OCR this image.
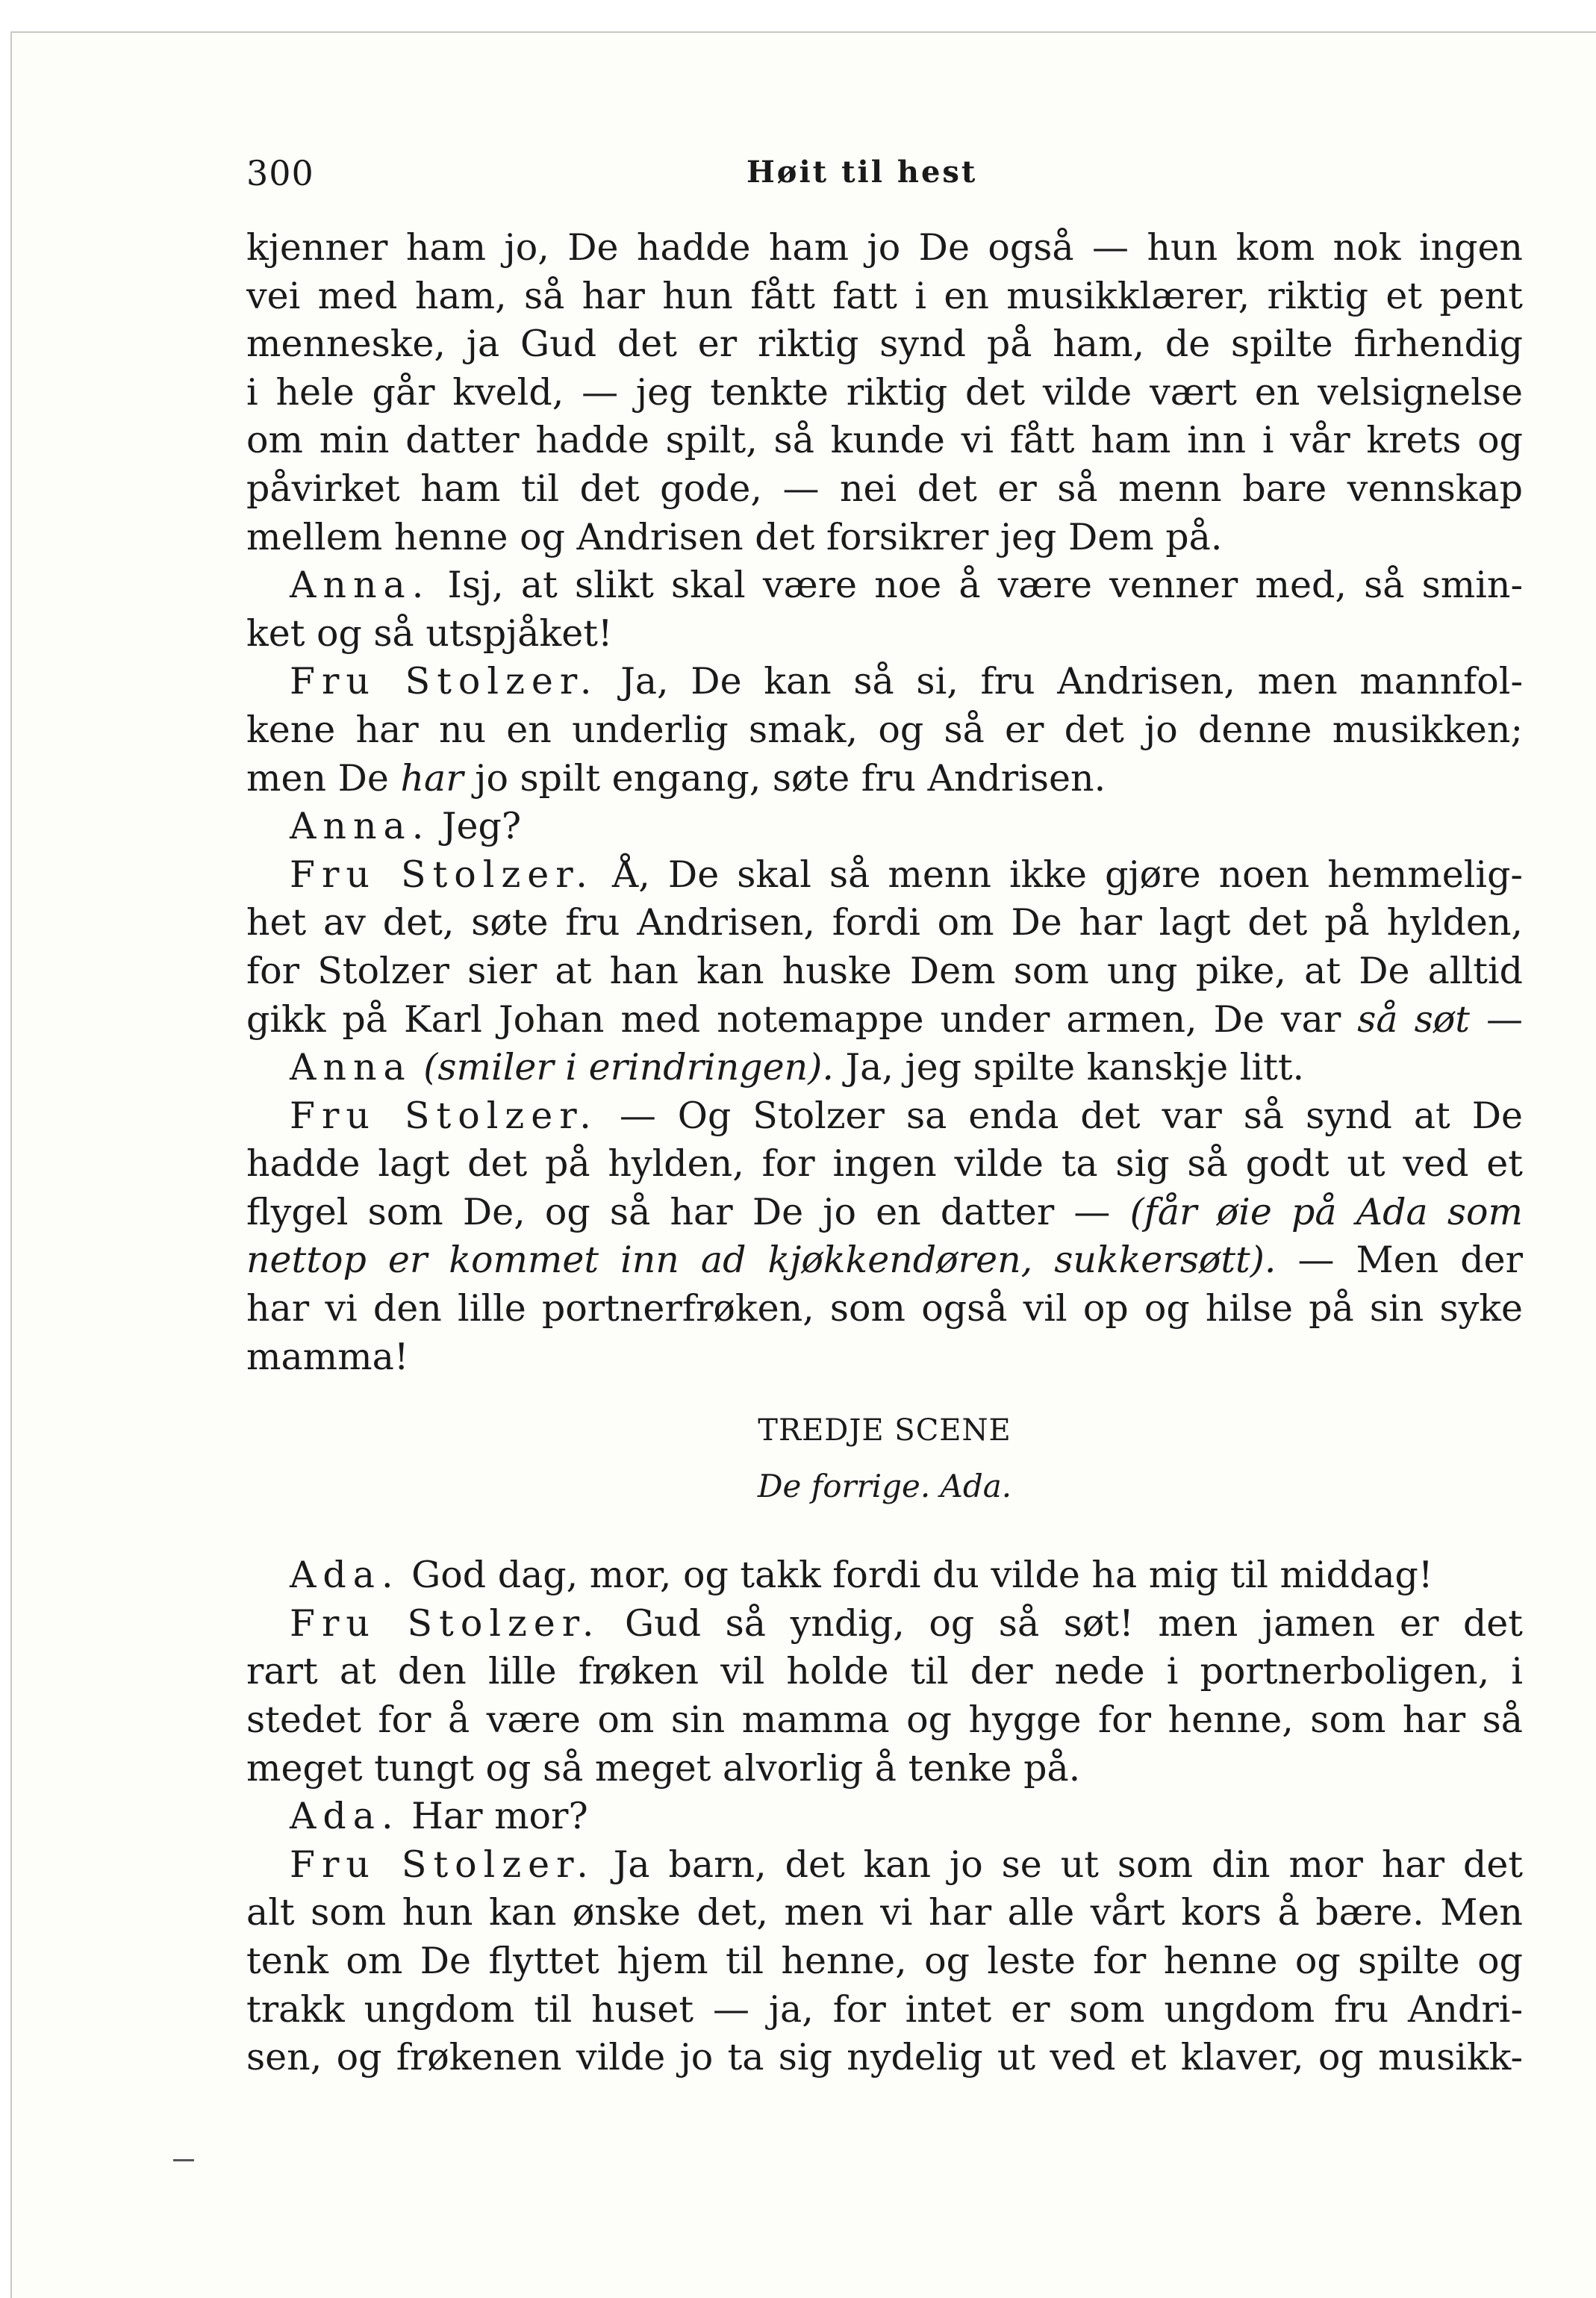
300	Høit til hest
kjenner ham jo, De hadde ham jo De også — hun kom nok ingen
vei med ham, så har hun fått fatt i en musikklærer, riktig et pent
menneske, ja Gud det er riktig synd på ham, de spilte firhendig
i hele går kveld, — jeg tenkte riktig det vilde vært en velsignelse
om min datter hadde spilt, så kunde vi fått ham inn i vår krets og
påvirket ham til det gode, — nei det er så menn bare vennskap
mellem henne og Andrisen det forsikrer jeg Dem på.
Anna. Isj, at slikt skal være noe å være venner med, så smin-
ket og så utspjåket!
Fru Stolzer. Ja, De kan så si, fru Andrisen, men mannfol-
kene har nu en underlig smak, og så er det jo denne musikken;
men De har jo spilt engang, søte fru Andrisen.
Anna. Jeg?
Fru Stolzer. Å, De skal så menn ikke gjøre noen hemmelig-
het av det, søte fru Andrisen, fordi om De har lagt det på hylden,
for Stolzer sier at han kan huske Dem som ung pike, at De alltid
gikk på Karl Johan med notemappe under armen, De var så søt —
Anna (smiler i erindringen). Ja, jeg spilte kanskje litt.
Fru Stolzer. — Og Stolzer sa enda det var så synd at De
hadde lagt det på hylden, for ingen vilde ta sig så godt ut ved et
flygel som De, og så har De jo en datter — (får øie på Ada som
nettop er kommet inn ad kjøkkendøren, sukkersøtt). — Men der
har vi den lille portnerfrøken, som også vil op og hilse på sin syke
mamma!
TREDJE SCENE
De forrige. Ada.
Ada. God dag, mor, og takk fordi du vilde ha mig til middag!
Fru Stolzer. Gud så yndig, og så søt! men jamen er det
rart at den lille frøken vil holde til der nede i portnerboligen, i
stedet for å være om sin mamma og hygge for henne, som har så
meget tungt og så meget alvorlig å tenke på.
Ada. Har mor?
Fru Stolzer. Ja barn, det kan jo se ut som din mor har det
alt som hun kan ønske det, men vi har alle vårt kors å bære. Men
tenk om De flyttet hjem til henne, og leste for henne og spilte og
trakk ungdom til huset — ja, for intet er som ungdom fru Andri-
sen, og frøkenen vilde jo ta sig nydelig ut ved et klaver, og musikk-
